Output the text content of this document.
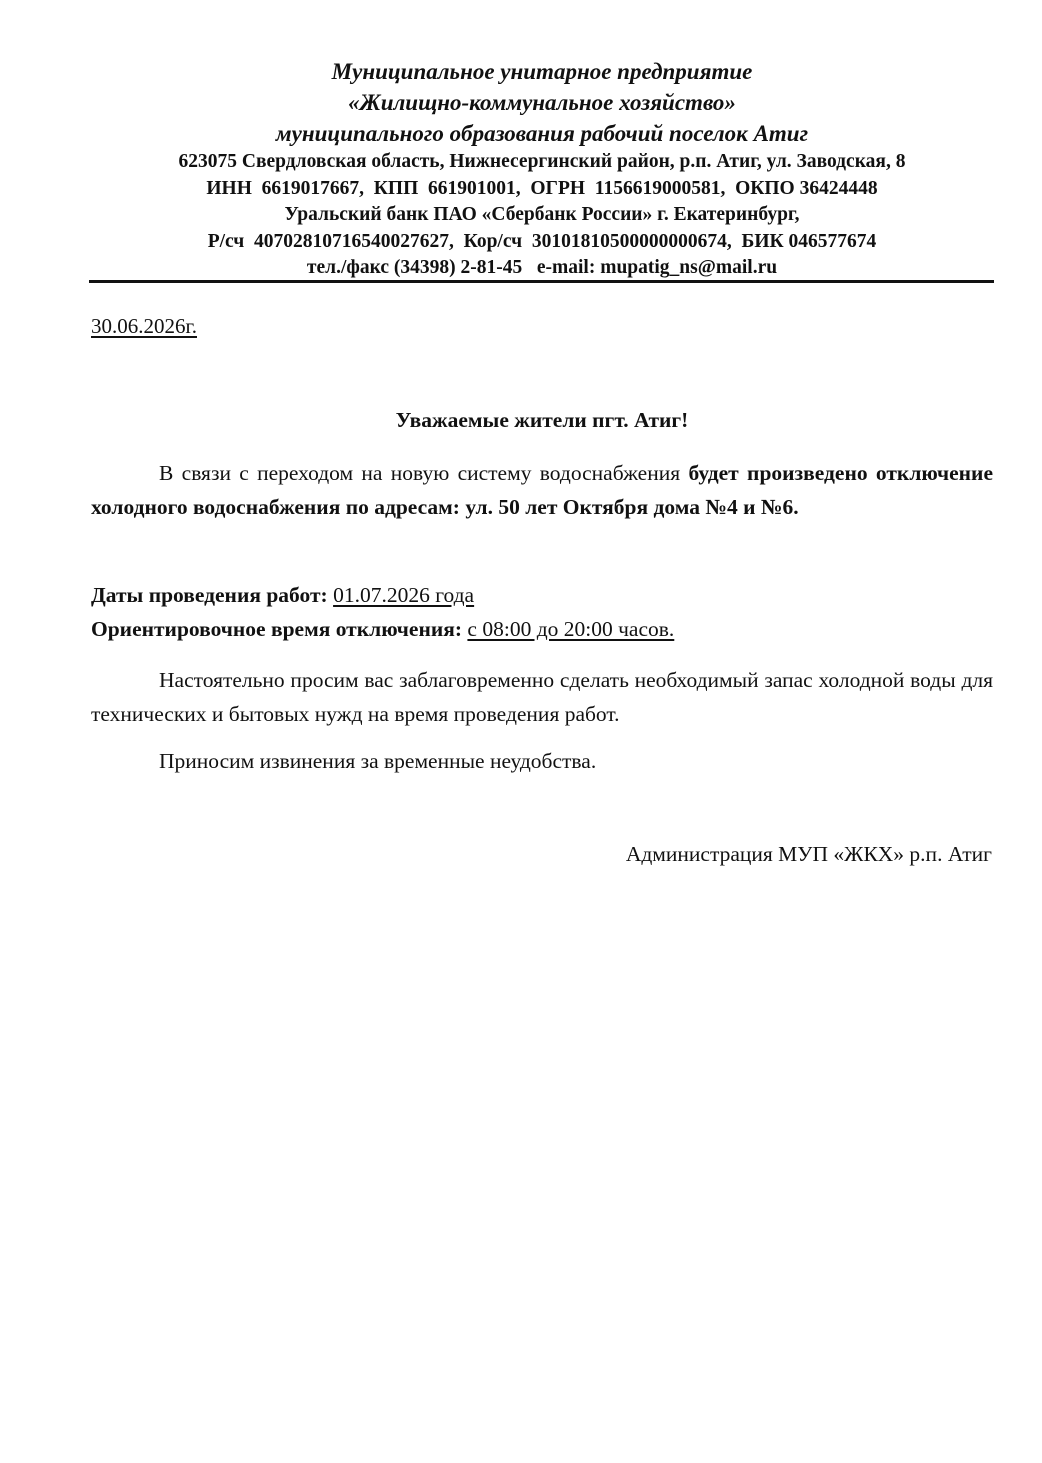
Муниципальное унитарное предприятие
«Жилищно-коммунальное хозяйство»
муниципального образования рабочий поселок Атиг
623075 Свердловская область, Нижнесергинский район, р.п. Атиг, ул. Заводская, 8
ИНН  6619017667,  КПП  661901001,  ОГРН  1156619000581,  ОКПО 36424448
Уральский банк ПАО «Сбербанк России» г. Екатеринбург,
Р/сч  40702810716540027627,  Кор/сч  30101810500000000674,  БИК 046577674
тел./факс (34398) 2-81-45   e-mail: mupatig_ns@mail.ru
30.06.2026г.
Уважаемые жители пгт. Атиг!
В связи с переходом на новую систему водоснабжения будет произведено отключение холодного водоснабжения по адресам: ул. 50 лет Октября дома №4 и №6.
Даты проведения работ: 01.07.2026 года
Ориентировочное время отключения: с 08:00 до 20:00 часов.
Настоятельно просим вас заблаговременно сделать необходимый запас холодной воды для технических и бытовых нужд на время проведения работ.
Приносим извинения за временные неудобства.
Администрация МУП «ЖКХ» р.п. Атиг
